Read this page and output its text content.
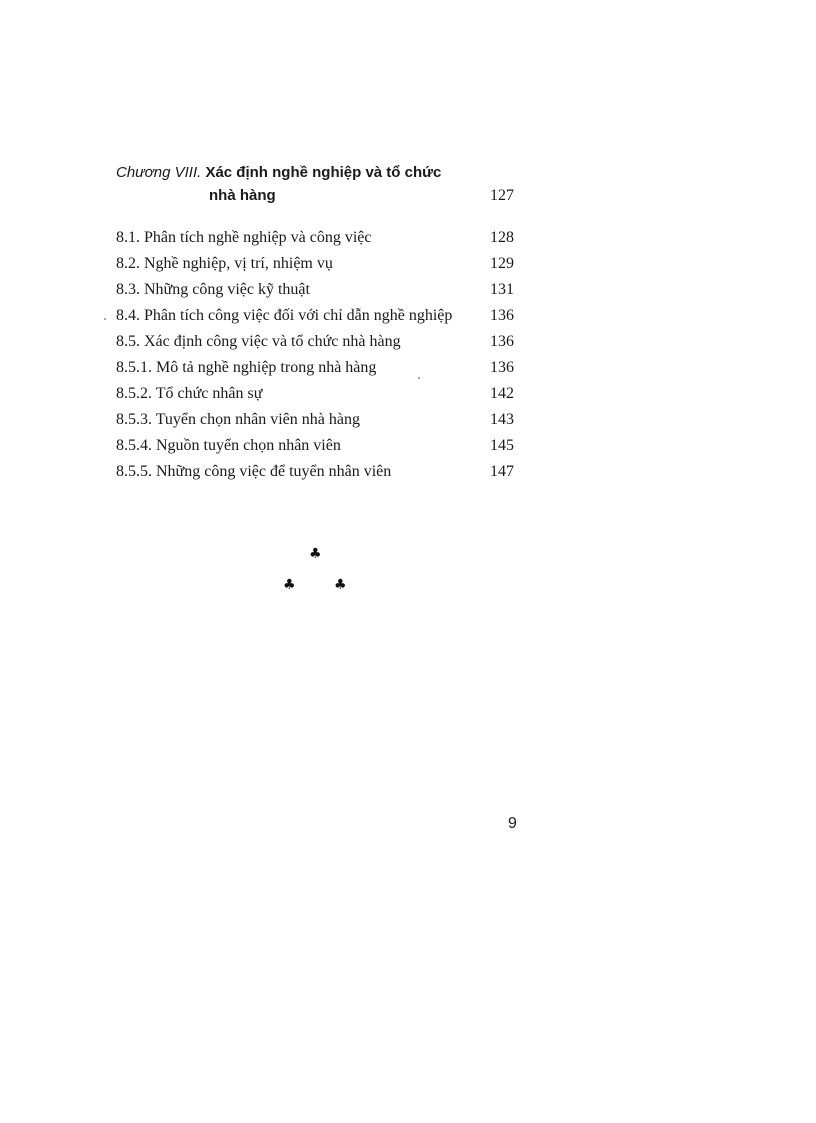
Chương VIII. Xác định nghề nghiệp và tổ chức
nhà hàng	127
8.1. Phân tích nghề nghiệp và công việc	128
8.2. Nghề nghiệp, vị trí, nhiệm vụ	129
8.3. Những công việc kỹ thuật	131
8.4. Phân tích công việc đối với chỉ dẫn nghề nghiệp 136
8.5. Xác định công việc và tổ chức nhà hàng	136
8.5.1. Mô tả nghề nghiệp trong nhà hàng	136
8.5.2. Tổ chức nhân sự	142
8.5.3. Tuyển chọn nhân viên nhà hàng	143
8.5.4. Nguồn tuyển chọn nhân viên	145
8.5.5. Những công việc để tuyển nhân viên	147
♣
♣	♣
9
